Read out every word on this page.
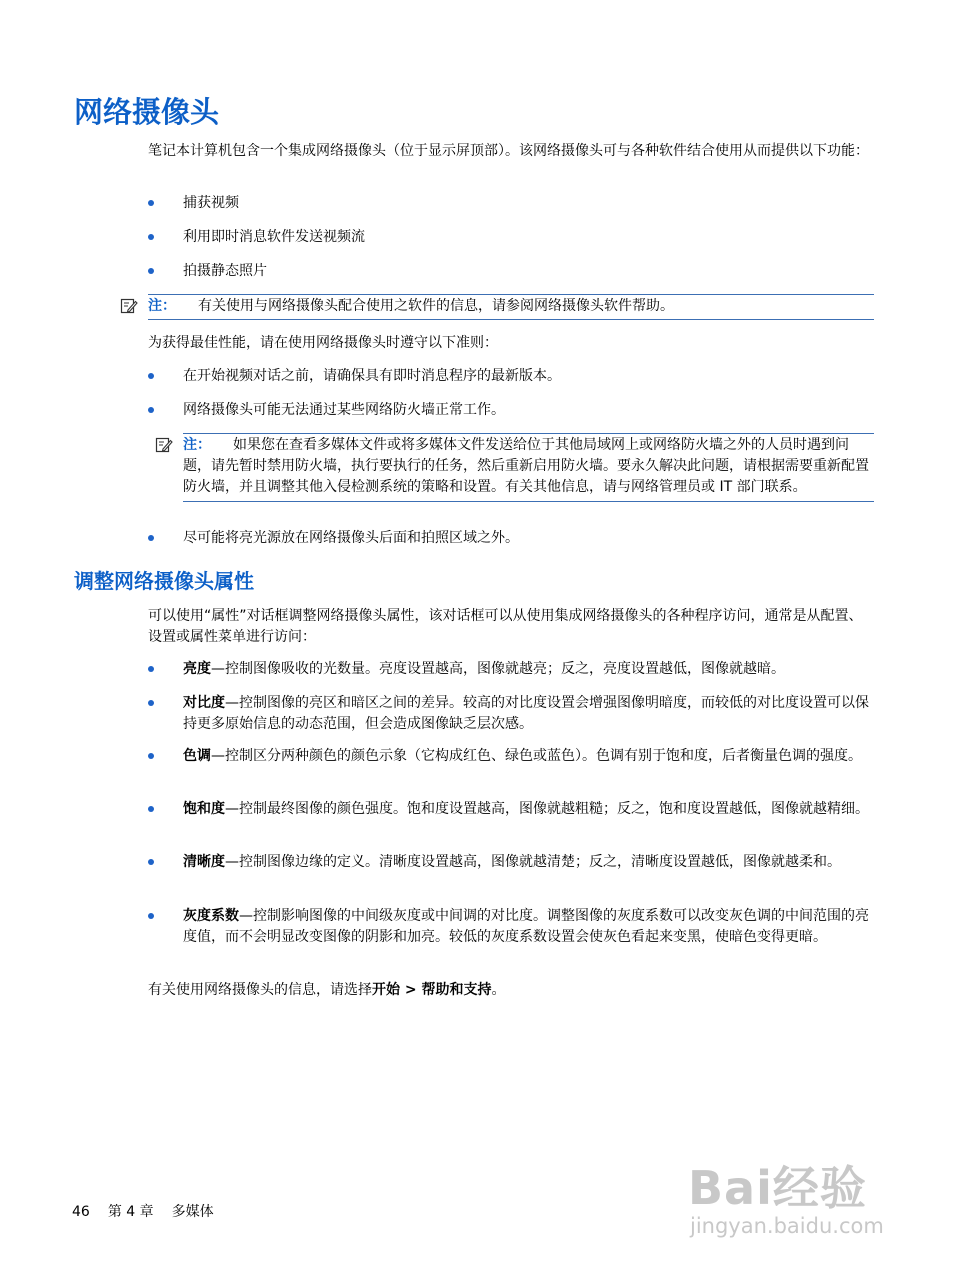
网络摄像头

笔记本计算机包含一个集成网络摄像头（位于显示屏顶部）。该网络摄像头可与各种软件结合使用从而提供以下功能：

捕获视频
利用即时消息软件发送视频流
拍摄静态照片
注： 有关使用与网络摄像头配合使用之软件的信息，请参阅网络摄像头软件帮助。

为获得最佳性能，请在使用网络摄像头时遵守以下准则：

在开始视频对话之前，请确保具有即时消息程序的最新版本。
网络摄像头可能无法通过某些网络防火墙正常工作。
注： 如果您在查看多媒体文件或将多媒体文件发送给位于其他局域网上或网络防火墙之外的人员时遇到问题，请先暂时禁用防火墙，执行要执行的任务，然后重新启用防火墙。要永久解决此问题，请根据需要重新配置防火墙，并且调整其他入侵检测系统的策略和设置。有关其他信息，请与网络管理员或 IT 部门联系。
尽可能将亮光源放在网络摄像头后面和拍照区域之外。
调整网络摄像头属性

可以使用“属性”对话框调整网络摄像头属性，该对话框可以从使用集成网络摄像头的各种程序访问，通常是从配置、设置或属性菜单进行访问：

亮度—控制图像吸收的光数量。亮度设置越高，图像就越亮；反之，亮度设置越低，图像就越暗。
对比度—控制图像的亮区和暗区之间的差异。较高的对比度设置会增强图像明暗度，而较低的对比度设置可以保持更多原始信息的动态范围，但会造成图像缺乏层次感。
色调—控制区分两种颜色的颜色示象（它构成红色、绿色或蓝色）。色调有别于饱和度，后者衡量色调的强度。
饱和度—控制最终图像的颜色强度。饱和度设置越高，图像就越粗糙；反之，饱和度设置越低，图像就越精细。
清晰度—控制图像边缘的定义。清晰度设置越高，图像就越清楚；反之，清晰度设置越低，图像就越柔和。
灰度系数—控制影响图像的中间级灰度或中间调的对比度。调整图像的灰度系数可以改变灰色调的中间范围的亮度值，而不会明显改变图像的阴影和加亮。较低的灰度系数设置会使灰色看起来变黑，使暗色变得更暗。

有关使用网络摄像头的信息，请选择开始 > 帮助和支持。

46 第 4 章 多媒体	Bai经验
jingyan.baidu.com
